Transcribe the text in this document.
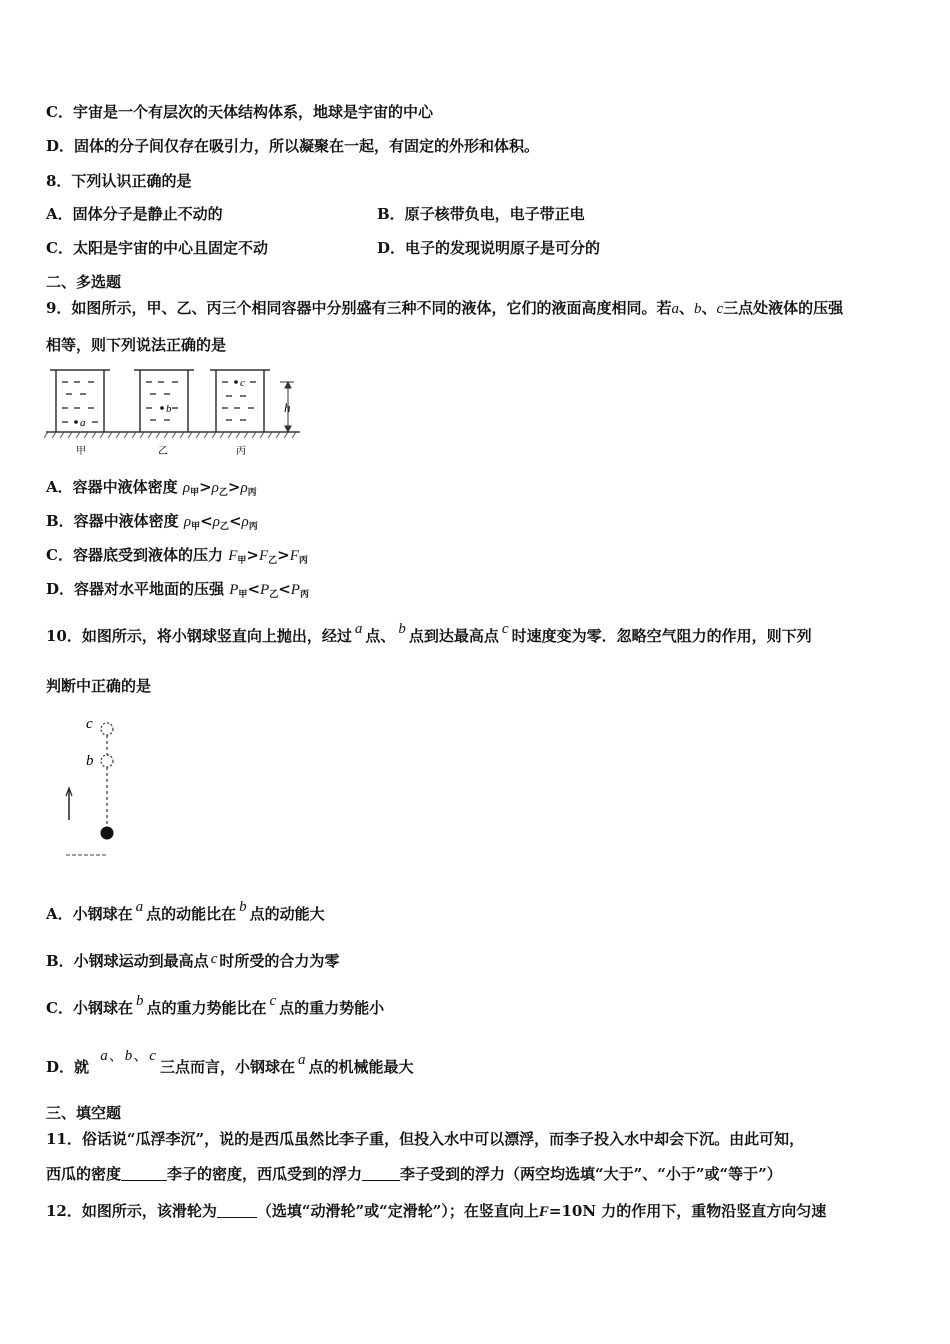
C．宇宙是一个有层次的天体结构体系，地球是宇宙的中心
D．固体的分子间仅存在吸引力，所以凝聚在一起，有固定的外形和体积。
8．下列认识正确的是
A．固体分子是静止不动的	B．原子核带负电，电子带正电
C．太阳是宇宙的中心且固定不动	D．电子的发现说明原子是可分的
二、多选题
9．如图所示，甲、乙、丙三个相同容器中分别盛有三种不同的液体，它们的液面高度相同。若a、b、c三点处液体的压强
相等，则下列说法正确的是
a
b
c
h
甲	乙	丙
A．容器中液体密度 $\rho_甲>\rho_乙>\rho_丙$
B．容器中液体密度 $\rho_甲<\rho_乙<\rho_丙$
C．容器底受到液体的压力 $F_甲>F_乙>F_丙$
D．容器对水平地面的压强 $P_甲<P_乙<P_丙$
10．如图所示，将小钢球竖直向上抛出，经过 a 点、 b 点到达最高点 c 时速度变为零．忽略空气阻力的作用，则下列
判断中正确的是
c
b
A．小钢球在 a 点的动能比在 b 点的动能大
B．小钢球运动到最高点 c 时所受的合力为零
C．小钢球在 b 点的重力势能比在 c 点的重力势能小
D．就 a、b、c三点而言，小钢球在 a 点的机械能最大
三、填空题
11．俗话说“瓜浮李沉”，说的是西瓜虽然比李子重，但投入水中可以漂浮，而李子投入水中却会下沉。由此可知，
西瓜的密度	李子的密度，西瓜受到的浮力	李子受到的浮力（两空均选填“大于”、“小于”或“等于”）
12．如图所示，该滑轮为	（选填“动滑轮”或“定滑轮”）；在竖直向上F=10N 力的作用下，重物沿竖直方向匀速
